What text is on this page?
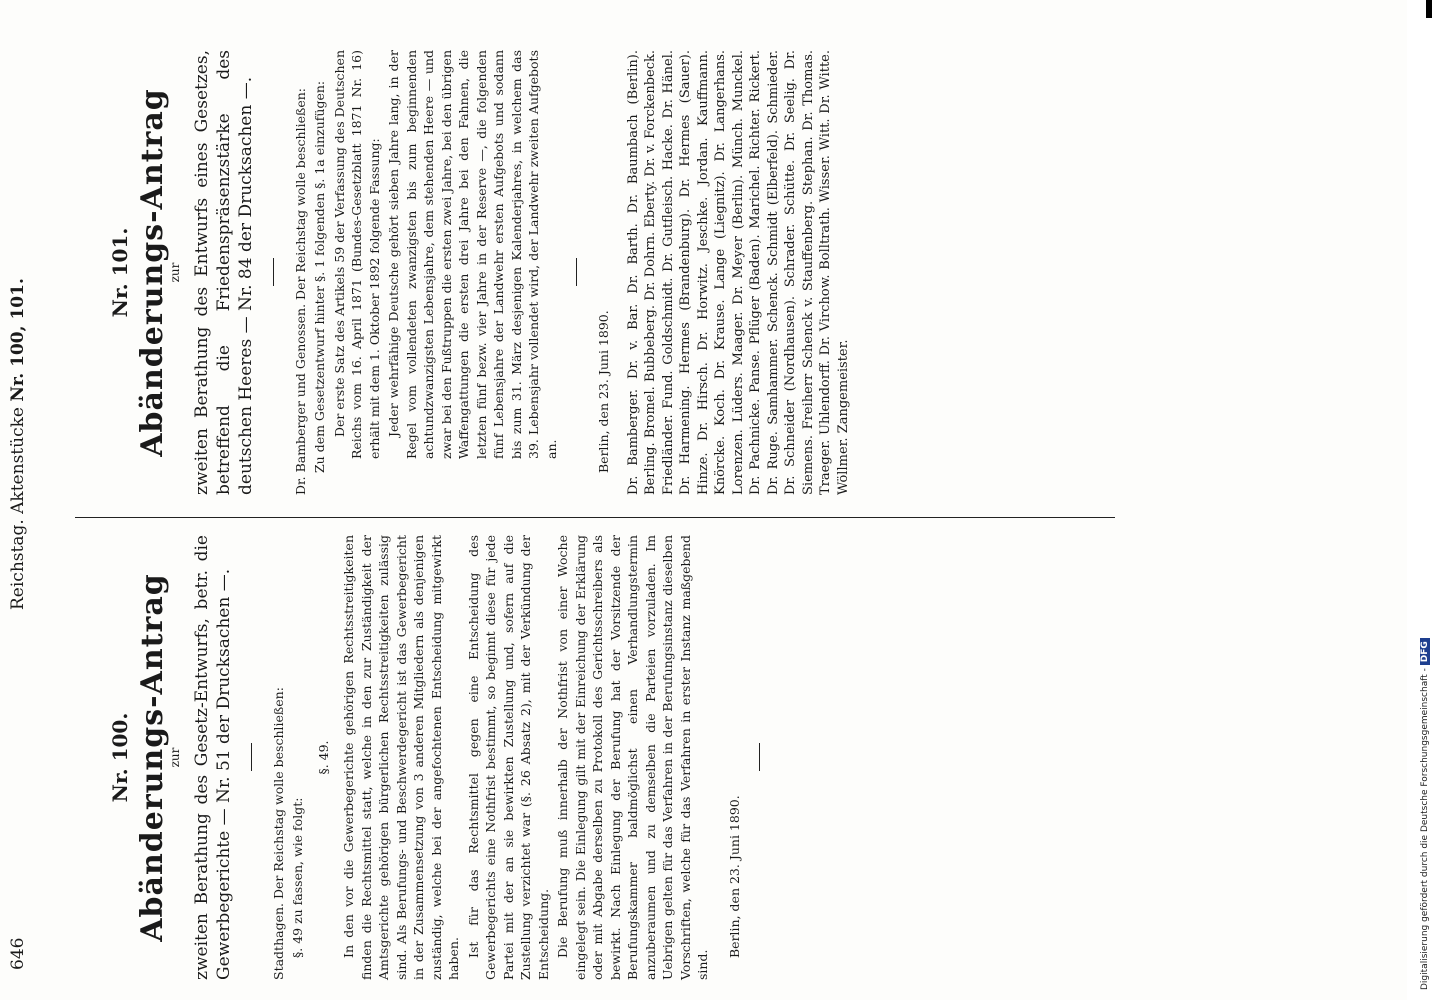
646
Reichstag. Aktenstücke Nr. 100, 101.
Nr. 100. Abänderungs-Antrag
zur zweiten Berathung des Gesetz-Entwurfs, betr. die Gewerbegerichte — Nr. 51 der Drucksachen —.	Stadthagen. Der Reichstag wolle beschließen: §. 49 zu fassen, wie folgt:
§. 49. In den vor die Gewerbegerichte gehörigen Rechtsstreitigkeiten finden die Rechtsmittel statt, welche in den zur Zuständigkeit der Amtsgerichte gehörigen bürgerlichen Rechtsstreitigkeiten zulässig sind. Als Berufungs- und Beschwerdegericht ist das Gewerbegericht in der Zusammensetzung von 3 anderen Mitgliedern als denjenigen zuständig, welche bei der angefochtenen Entscheidung mitgewirkt haben.
Ist für das Rechtsmittel gegen eine Entscheidung des Gewerbegerichts eine Nothfrist bestimmt, so beginnt diese für jede Partei mit der an sie bewirkten Zustellung und, sofern auf die Zustellung verzichtet war (§. 26 Absatz 2), mit der Verkündung der Entscheidung. Die Berufung muß innerhalb der Nothfrist von einer Woche eingelegt sein. Die Einlegung gilt mit der Einreichung der Erklärung oder mit Abgabe derselben zu Protokoll des Gerichtsschreibers als bewirkt. Nach Einlegung der Berufung hat der Vorsitzende der Berufungskammer baldmöglichst einen Verhandlungstermin anzuberaumen und zu demselben die Parteien vorzuladen. Im Uebrigen gelten für das Verfahren in der Berufungsinstanz dieselben Vorschriften, welche für das Verfahren in erster Instanz maßgebend sind.
Berlin, den 23. Juni 1890.
Nr. 101. Abänderungs-Antrag
zur zweiten Berathung des Entwurfs eines Gesetzes, betreffend die Friedenspräsenzstärke des deutschen Heeres — Nr. 84 der Drucksachen —.	Dr. Bamberger und Genossen. Der Reichstag wolle beschließen: Zu dem Gesetzentwurf hinter §. 1 folgenden §. 1a einzufügen: Der erste Satz des Artikels 59 der Verfassung des Deutschen Reichs vom 16. April 1871 (Bundes-Gesetzblatt 1871 Nr. 16) erhält mit dem 1. Oktober 1892 folgende Fassung: Jeder wehrfähige Deutsche gehört sieben Jahre lang, in der Regel vom vollendeten zwanzigsten bis zum beginnenden achtundzwanzigsten Lebensjahre, dem stehenden Heere — und zwar bei den Fußtruppen die ersten zwei Jahre, bei den übrigen Waffengattungen die ersten drei Jahre bei den Fahnen, die letzten fünf bezw. vier Jahre in der Reserve —, die folgenden fünf Lebensjahre der Landwehr ersten Aufgebots und sodann bis zum 31. März desjenigen Kalenderjahres, in welchem das 39. Lebensjahr vollendet wird, der Landwehr zweiten Aufgebots an.	Berlin, den 23. Juni 1890. Dr. Bamberger. Dr. v. Bar. Dr. Barth. Dr. Baumbach (Berlin). Berling. Bromel. Bubbeberg. Dr. Dohrn. Eberty. Dr. v. Forckenbeck. Friedländer. Fund. Goldschmidt. Dr. Gutfleisch. Hacke. Dr. Hänel. Dr. Harmening. Hermes (Brandenburg). Dr. Hermes (Sauer). Hinze. Dr. Hirsch. Dr. Horwitz. Jeschke. Jordan. Kauffmann. Knörcke. Koch. Dr. Krause. Lange (Liegnitz). Dr. Langerhans. Lorenzen. Lüders. Maager. Dr. Meyer (Berlin). Münch. Munckel. Dr. Pachnicke. Panse. Pflüger (Baden). Marichel. Richter. Rickert. Dr. Ruge. Samhammer. Schenck. Schmidt (Elberfeld). Schmieder. Dr. Schneider (Nordhausen). Schrader. Schütte. Dr. Seelig. Dr. Siemens. Freiherr Schenck v. Stauffenberg. Stephan. Dr. Thomas. Traeger. Uhlendorff. Dr. Virchow. Bolltrath. Wisser. Witt. Dr. Witte. Wöllmer. Zangemeister.
Digitalisierung gefördert durch die Deutsche Forschungsgemeinschaft - DFG
